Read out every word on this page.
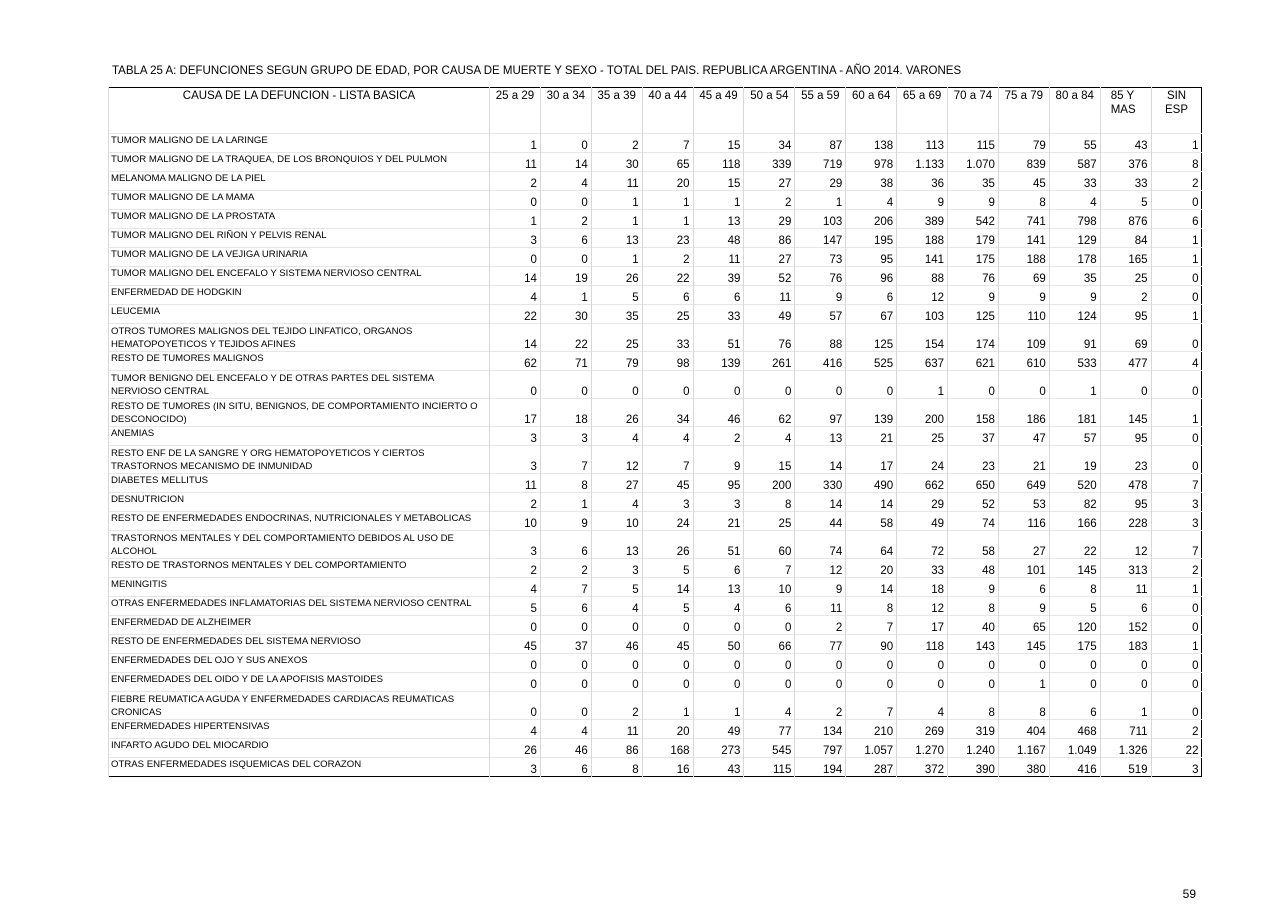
TABLA 25 A: DEFUNCIONES SEGUN GRUPO DE EDAD, POR CAUSA DE MUERTE Y SEXO - TOTAL DEL PAIS. REPUBLICA ARGENTINA - AÑO 2014. VARONES
CAUSA DE LA DEFUNCION - LISTA BASICA	25 a 29	30 a 34	35 a 39	40 a 44	45 a 49	50 a 54	55 a 59	60 a 64	65 a 69	70 a 74	75 a 79	80 a 84	85 Y MAS	SIN ESP
TUMOR MALIGNO DE LA LARINGE	1	0	2	7	15	34	87	138	113	115	79	55	43	1
TUMOR MALIGNO DE LA TRAQUEA, DE LOS BRONQUIOS Y DEL PULMON	11	14	30	65	118	339	719	978	1.133	1.070	839	587	376	8
MELANOMA MALIGNO DE LA PIEL	2	4	11	20	15	27	29	38	36	35	45	33	33	2
TUMOR MALIGNO DE LA MAMA	0	0	1	1	1	2	1	4	9	9	8	4	5	0
TUMOR MALIGNO DE LA PROSTATA	1	2	1	1	13	29	103	206	389	542	741	798	876	6
TUMOR MALIGNO DEL RIÑON Y PELVIS RENAL	3	6	13	23	48	86	147	195	188	179	141	129	84	1
TUMOR MALIGNO DE LA VEJIGA URINARIA	0	0	1	2	11	27	73	95	141	175	188	178	165	1
TUMOR MALIGNO DEL ENCEFALO Y SISTEMA NERVIOSO CENTRAL	14	19	26	22	39	52	76	96	88	76	69	35	25	0
ENFERMEDAD DE HODGKIN	4	1	5	6	6	11	9	6	12	9	9	9	2	0
LEUCEMIA	22	30	35	25	33	49	57	67	103	125	110	124	95	1
OTROS TUMORES MALIGNOS DEL TEJIDO LINFATICO, ORGANOS HEMATOPOYETICOS Y TEJIDOS AFINES	14	22	25	33	51	76	88	125	154	174	109	91	69	0
RESTO DE TUMORES MALIGNOS	62	71	79	98	139	261	416	525	637	621	610	533	477	4
TUMOR BENIGNO DEL ENCEFALO Y DE OTRAS PARTES DEL SISTEMA NERVIOSO CENTRAL	0	0	0	0	0	0	0	0	1	0	0	1	0	0
RESTO DE TUMORES (IN SITU, BENIGNOS, DE COMPORTAMIENTO INCIERTO O DESCONOCIDO)	17	18	26	34	46	62	97	139	200	158	186	181	145	1
ANEMIAS	3	3	4	4	2	4	13	21	25	37	47	57	95	0
RESTO ENF DE LA SANGRE Y ORG HEMATOPOYETICOS Y CIERTOS TRASTORNOS MECANISMO DE INMUNIDAD	3	7	12	7	9	15	14	17	24	23	21	19	23	0
DIABETES MELLITUS	11	8	27	45	95	200	330	490	662	650	649	520	478	7
DESNUTRICION	2	1	4	3	3	8	14	14	29	52	53	82	95	3
RESTO DE ENFERMEDADES ENDOCRINAS, NUTRICIONALES Y METABOLICAS	10	9	10	24	21	25	44	58	49	74	116	166	228	3
TRASTORNOS MENTALES Y DEL COMPORTAMIENTO DEBIDOS AL USO DE ALCOHOL	3	6	13	26	51	60	74	64	72	58	27	22	12	7
RESTO DE TRASTORNOS MENTALES Y DEL COMPORTAMIENTO	2	2	3	5	6	7	12	20	33	48	101	145	313	2
MENINGITIS	4	7	5	14	13	10	9	14	18	9	6	8	11	1
OTRAS ENFERMEDADES INFLAMATORIAS DEL SISTEMA NERVIOSO CENTRAL	5	6	4	5	4	6	11	8	12	8	9	5	6	0
ENFERMEDAD DE ALZHEIMER	0	0	0	0	0	0	2	7	17	40	65	120	152	0
RESTO DE ENFERMEDADES DEL SISTEMA NERVIOSO	45	37	46	45	50	66	77	90	118	143	145	175	183	1
ENFERMEDADES DEL OJO Y SUS ANEXOS	0	0	0	0	0	0	0	0	0	0	0	0	0	0
ENFERMEDADES DEL OIDO Y DE LA APOFISIS MASTOIDES	0	0	0	0	0	0	0	0	0	0	1	0	0	0
FIEBRE REUMATICA AGUDA Y ENFERMEDADES CARDIACAS REUMATICAS CRONICAS	0	0	2	1	1	4	2	7	4	8	8	6	1	0
ENFERMEDADES HIPERTENSIVAS	4	4	11	20	49	77	134	210	269	319	404	468	711	2
INFARTO AGUDO DEL MIOCARDIO	26	46	86	168	273	545	797	1.057	1.270	1.240	1.167	1.049	1.326	22
OTRAS ENFERMEDADES ISQUEMICAS DEL CORAZON	3	6	8	16	43	115	194	287	372	390	380	416	519	3
59
